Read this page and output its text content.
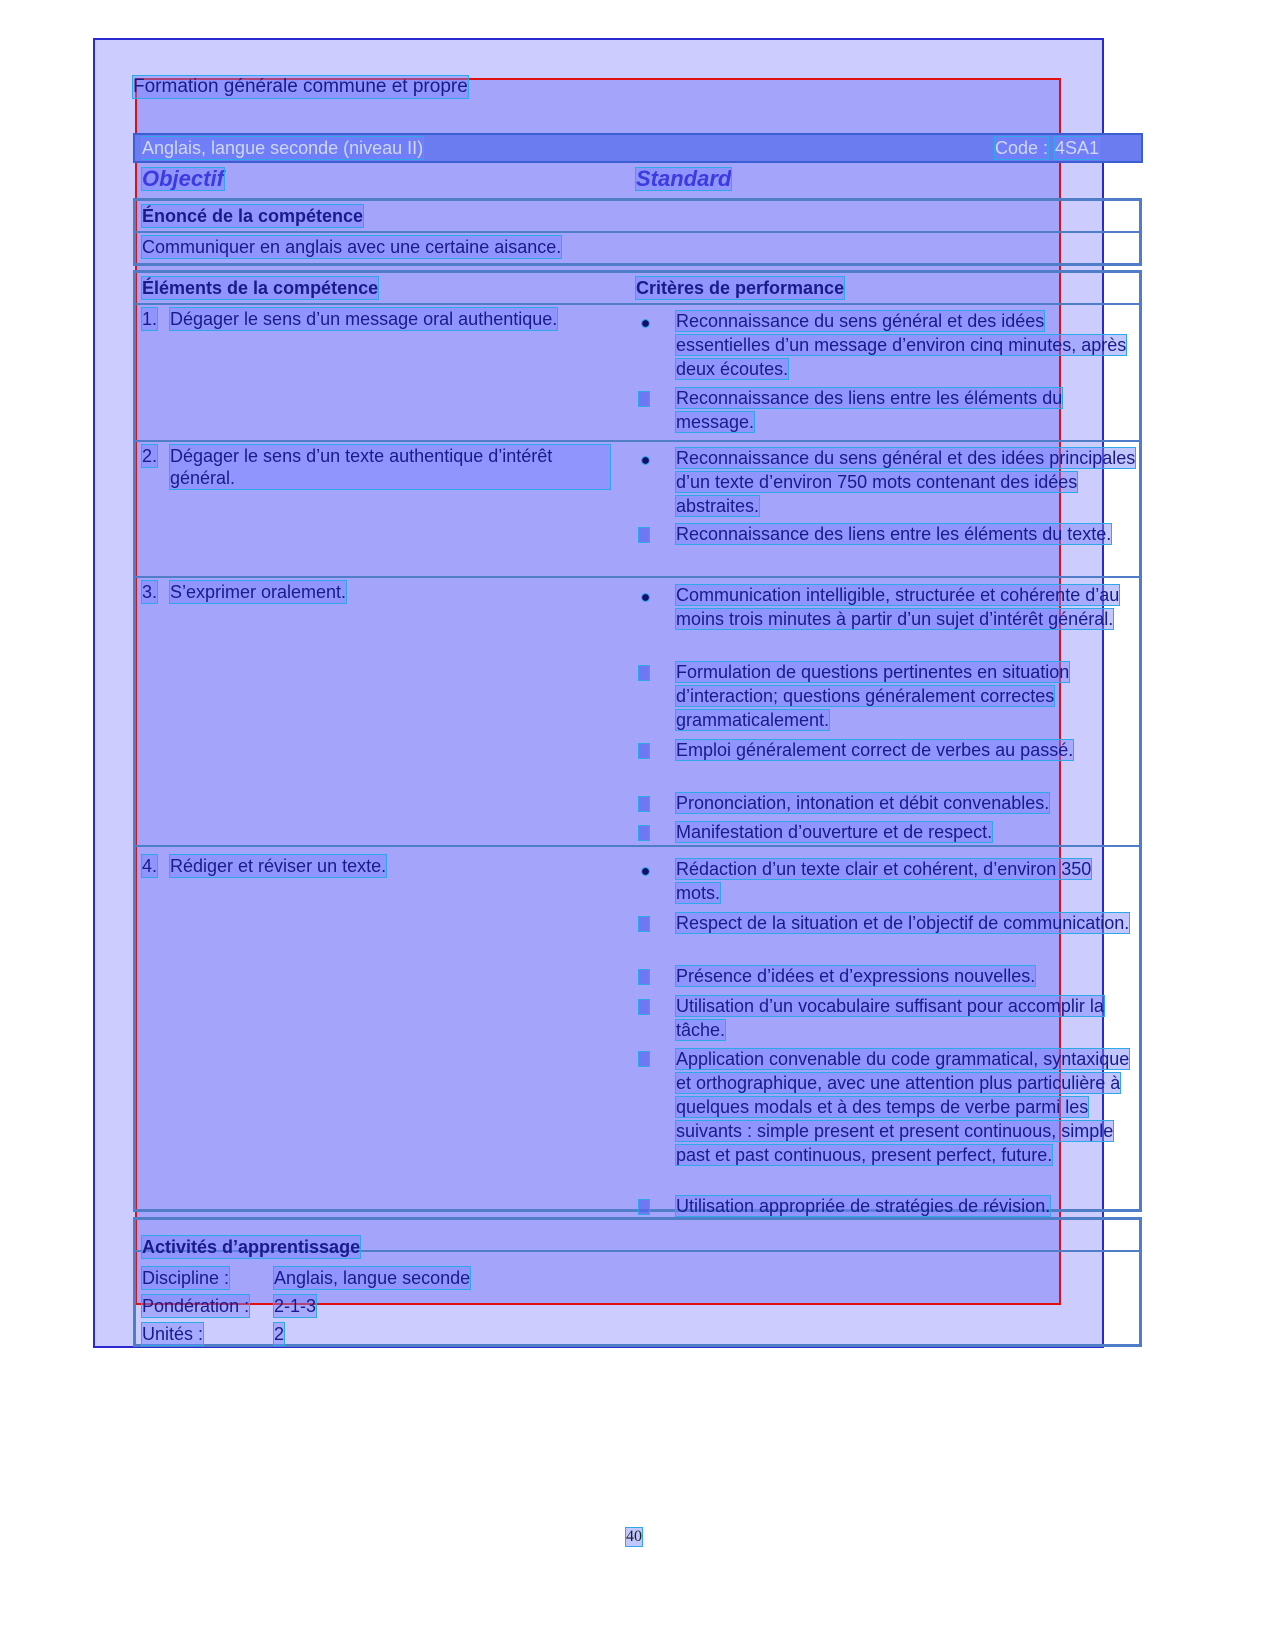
Formation générale commune et propre
Anglais, langue seconde (niveau II)	Code : 4SA1
Objectif	Standard
Énoncé de la compétence
Communiquer en anglais avec une certaine aisance.
Éléments de la compétence	Critères de performance
1. Dégager le sens d’un message oral authentique.	Reconnaissance du sens général et des idées essentielles d’un message d’environ cinq minutes, après deux écoutes.
Reconnaissance des liens entre les éléments du message.
2. Dégager le sens d’un texte authentique d’intérêt général.
Reconnaissance du sens général et des idées principales d’un texte d’environ 750 mots contenant des idées abstraites.
Reconnaissance des liens entre les éléments du texte.
3. S’exprimer oralement.	Communication intelligible, structurée et cohérente d’au moins trois minutes à partir d’un sujet d’intérêt général.
Formulation de questions pertinentes en situation d’interaction; questions généralement correctes grammaticalement.
Emploi généralement correct de verbes au passé.
Prononciation, intonation et débit convenables.
Manifestation d’ouverture et de respect.
4. Rédiger et réviser un texte.	Rédaction d’un texte clair et cohérent, d’environ 350 mots.
Respect de la situation et de l’objectif de communication.
Présence d’idées et d’expressions nouvelles.
Utilisation d’un vocabulaire suffisant pour accomplir la tâche.
Application convenable du code grammatical, syntaxique et orthographique, avec une attention plus particulière à quelques modals et à des temps de verbe parmi les suivants : simple present et present continuous, simple past et past continuous, present perfect, future.
Utilisation appropriée de stratégies de révision.
Activités d’apprentissage
Discipline : Anglais, langue seconde
Pondération : 2-1-3
Unités :	2
40
